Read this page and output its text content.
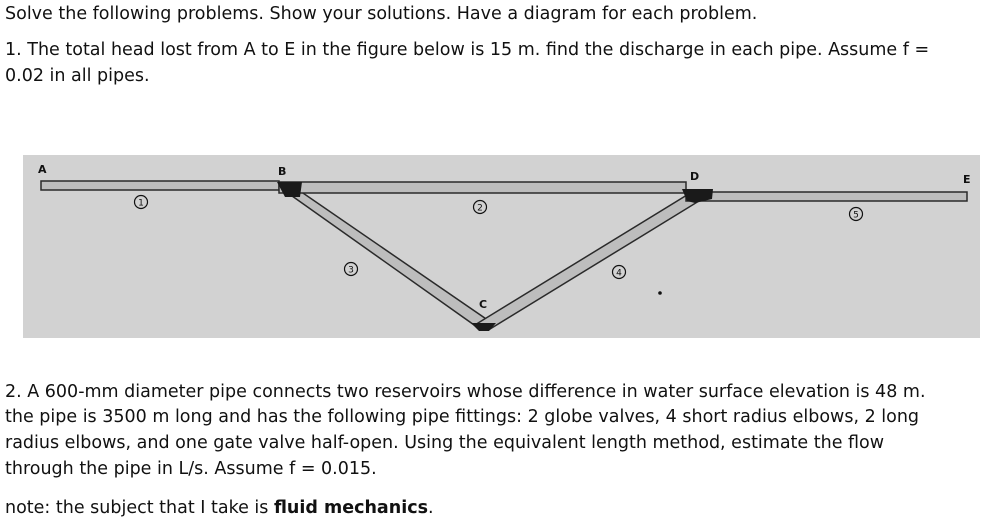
Solve the following problems. Show your solutions. Have a diagram for each problem.
1. The total head lost from A to E in the figure below is 15 m. find the discharge in each pipe. Assume f =
0.02 in all pipes.
A	B
C
D	E
1	2
3	4
5
2. A 600-mm diameter pipe connects two reservoirs whose difference in water surface elevation is 48 m.
the pipe is 3500 m long and has the following pipe fittings: 2 globe valves, 4 short radius elbows, 2 long
radius elbows, and one gate valve half-open. Using the equivalent length method, estimate the flow
through the pipe in L/s. Assume f = 0.015.
note: the subject that I take is fluid mechanics.
